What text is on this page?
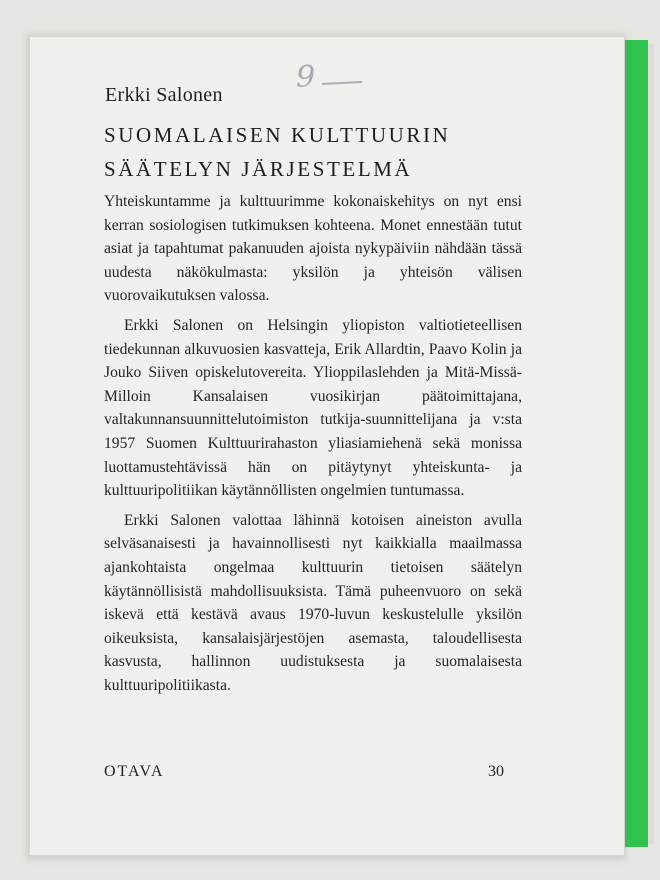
9
Erkki Salonen
SUOMALAISEN KULTTUURIN
SÄÄTELYN JÄRJESTELMÄ

Yhteiskuntamme ja kulttuurimme kokonaiskehitys on nyt ensi kerran sosiologisen tutkimuksen kohteena. Monet ennestään tutut asiat ja tapahtumat pakanuuden ajoista nykypäiviin nähdään tässä uudesta näkökulmasta: yksilön ja yhteisön välisen vuorovaikutuksen valossa.

Erkki Salonen on Helsingin yliopiston valtiotieteellisen tiedekunnan alkuvuosien kasvatteja, Erik Allardtin, Paavo Kolin ja Jouko Siiven opiskelutovereita. Ylioppilaslehden ja Mitä-Missä-Milloin Kansalaisen vuosikirjan päätoimittajana, valtakunnansuunnittelutoimiston tutkija-suunnittelijana ja v:sta 1957 Suomen Kulttuurirahaston yliasiamiehenä sekä monissa luottamustehtävissä hän on pitäytynyt yhteiskunta- ja kulttuuripolitiikan käytännöllisten ongelmien tuntumassa.

Erkki Salonen valottaa lähinnä kotoisen aineiston avulla selväsanaisesti ja havainnollisesti nyt kaikkialla maailmassa ajankohtaista ongelmaa kulttuurin tietoisen säätelyn käytännöllisistä mahdollisuuksista. Tämä puheenvuoro on sekä iskevä että kestävä avaus 1970-luvun keskustelulle yksilön oikeuksista, kansalaisjärjestöjen asemasta, taloudellisesta kasvusta, hallinnon uudistuksesta ja suomalaisesta kulttuuripolitiikasta.

OTAVA	30
